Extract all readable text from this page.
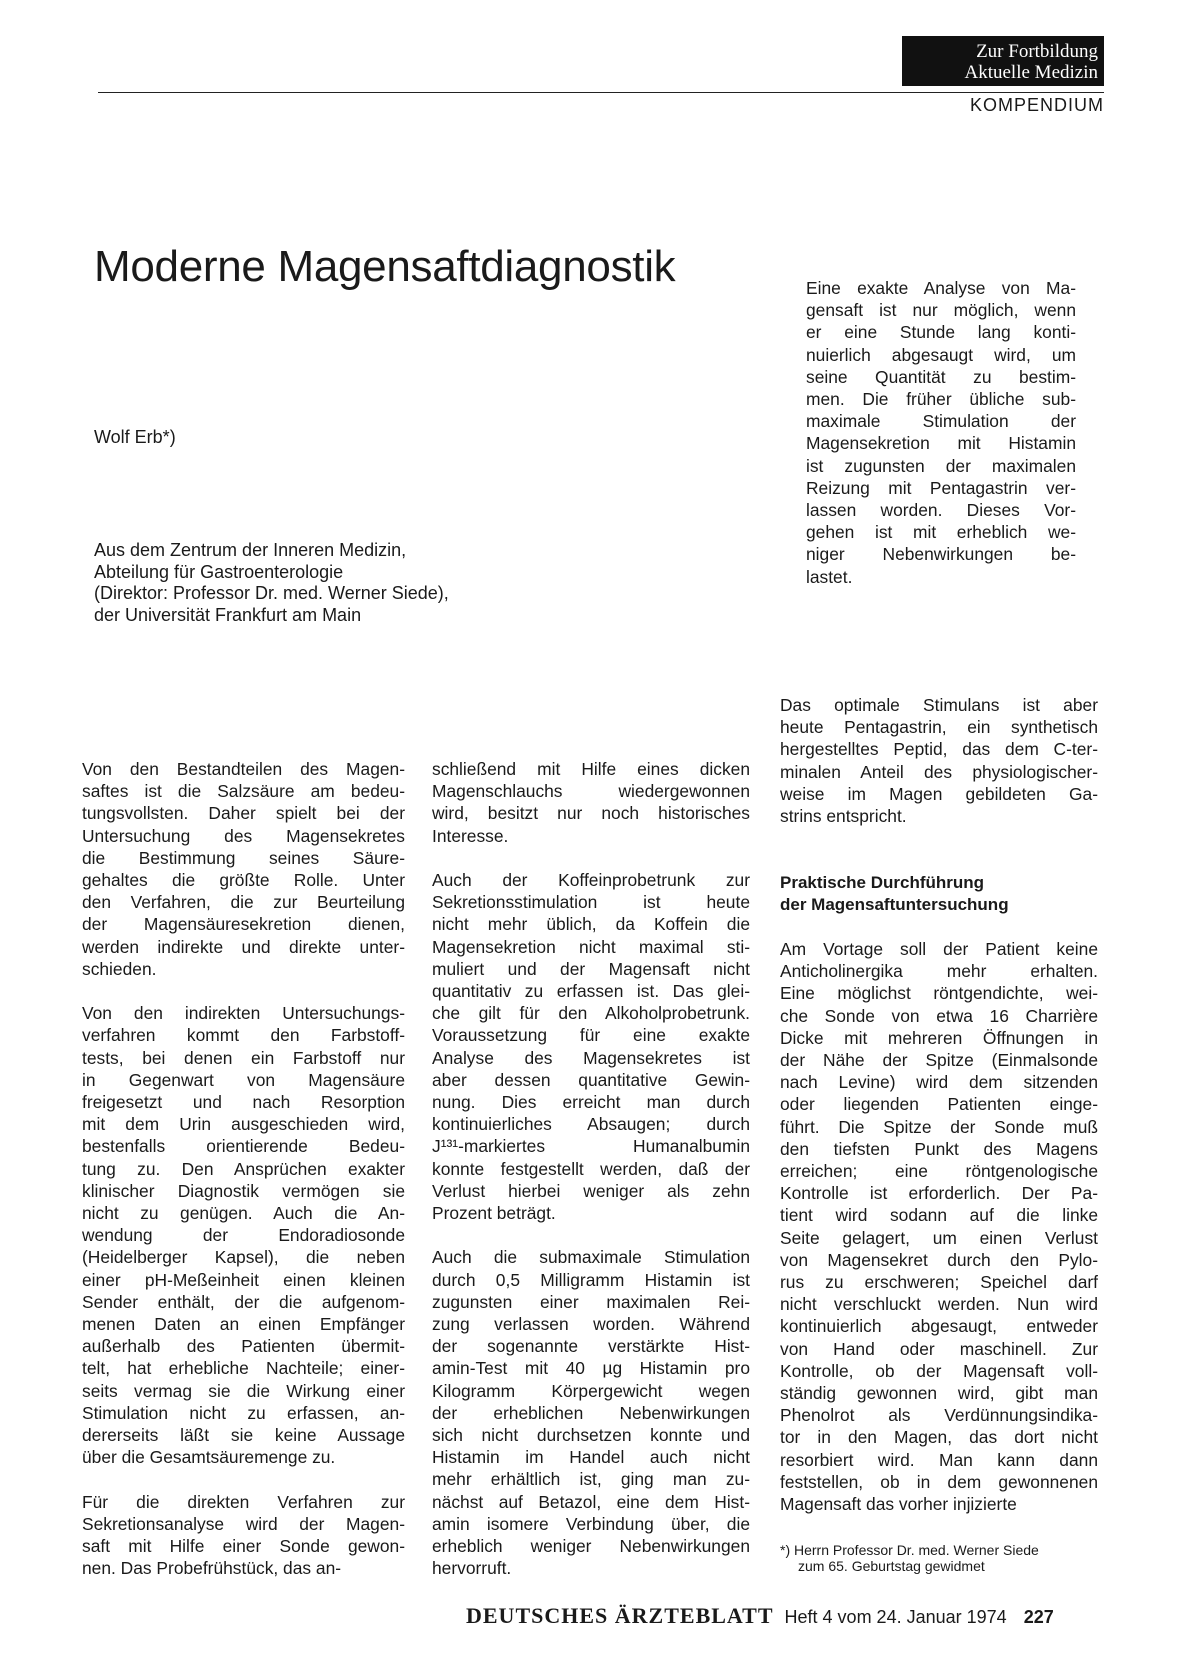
Zur Fortbildung
Aktuelle Medizin
KOMPENDIUM
Moderne Magensaftdiagnostik
Wolf Erb*)
Aus dem Zentrum der Inneren Medizin,
Abteilung für Gastroenterologie
(Direktor: Professor Dr. med. Werner Siede),
der Universität Frankfurt am Main
Eine exakte Analyse von Ma-
gensaft ist nur möglich, wenn
er eine Stunde lang konti-
nuierlich abgesaugt wird, um
seine Quantität zu bestim-
men. Die früher übliche sub-
maximale Stimulation der
Magensekretion mit Histamin
ist zugunsten der maximalen
Reizung mit Pentagastrin ver-
lassen worden. Dieses Vor-
gehen ist mit erheblich we-
niger Nebenwirkungen be-
lastet.
Von den Bestandteilen des Magen-
saftes ist die Salzsäure am bedeu-
tungsvollsten. Daher spielt bei der
Untersuchung des Magensekretes
die Bestimmung seines Säure-
gehaltes die größte Rolle. Unter
den Verfahren, die zur Beurteilung
der Magensäuresekretion dienen,
werden indirekte und direkte unter-
schieden.
Von den indirekten Untersuchungs-
verfahren kommt den Farbstoff-
tests, bei denen ein Farbstoff nur
in Gegenwart von Magensäure
freigesetzt und nach Resorption
mit dem Urin ausgeschieden wird,
bestenfalls orientierende Bedeu-
tung zu. Den Ansprüchen exakter
klinischer Diagnostik vermögen sie
nicht zu genügen. Auch die An-
wendung der Endoradiosonde
(Heidelberger Kapsel), die neben
einer pH-Meßeinheit einen kleinen
Sender enthält, der die aufgenom-
menen Daten an einen Empfänger
außerhalb des Patienten übermit-
telt, hat erhebliche Nachteile; einer-
seits vermag sie die Wirkung einer
Stimulation nicht zu erfassen, an-
dererseits läßt sie keine Aussage
über die Gesamtsäuremenge zu.
Für die direkten Verfahren zur
Sekretionsanalyse wird der Magen-
saft mit Hilfe einer Sonde gewon-
nen. Das Probefrühstück, das an-
schließend mit Hilfe eines dicken
Magenschlauchs wiedergewonnen
wird, besitzt nur noch historisches
Interesse.
Auch der Koffeinprobetrunk zur
Sekretionsstimulation ist heute
nicht mehr üblich, da Koffein die
Magensekretion nicht maximal sti-
muliert und der Magensaft nicht
quantitativ zu erfassen ist. Das glei-
che gilt für den Alkoholprobetrunk.
Voraussetzung für eine exakte
Analyse des Magensekretes ist
aber dessen quantitative Gewin-
nung. Dies erreicht man durch
kontinuierliches Absaugen; durch
J¹³¹-markiertes Humanalbumin
konnte festgestellt werden, daß der
Verlust hierbei weniger als zehn
Prozent beträgt.
Auch die submaximale Stimulation
durch 0,5 Milligramm Histamin ist
zugunsten einer maximalen Rei-
zung verlassen worden. Während
der sogenannte verstärkte Hist-
amin-Test mit 40 µg Histamin pro
Kilogramm Körpergewicht wegen
der erheblichen Nebenwirkungen
sich nicht durchsetzen konnte und
Histamin im Handel auch nicht
mehr erhältlich ist, ging man zu-
nächst auf Betazol, eine dem Hist-
amin isomere Verbindung über, die
erheblich weniger Nebenwirkungen
hervorruft.
Das optimale Stimulans ist aber
heute Pentagastrin, ein synthetisch
hergestelltes Peptid, das dem C-ter-
minalen Anteil des physiologischer-
weise im Magen gebildeten Ga-
strins entspricht.
Praktische Durchführung
der Magensaftuntersuchung
Am Vortage soll der Patient keine
Anticholinergika mehr erhalten.
Eine möglichst röntgendichte, wei-
che Sonde von etwa 16 Charrière
Dicke mit mehreren Öffnungen in
der Nähe der Spitze (Einmalsonde
nach Levine) wird dem sitzenden
oder liegenden Patienten einge-
führt. Die Spitze der Sonde muß
den tiefsten Punkt des Magens
erreichen; eine röntgenologische
Kontrolle ist erforderlich. Der Pa-
tient wird sodann auf die linke
Seite gelagert, um einen Verlust
von Magensekret durch den Pylo-
rus zu erschweren; Speichel darf
nicht verschluckt werden. Nun wird
kontinuierlich abgesaugt, entweder
von Hand oder maschinell. Zur
Kontrolle, ob der Magensaft voll-
ständig gewonnen wird, gibt man
Phenolrot als Verdünnungsindika-
tor in den Magen, das dort nicht
resorbiert wird. Man kann dann
feststellen, ob in dem gewonnenen
Magensaft das vorher injizierte
*) Herrn Professor Dr. med. Werner Siede
zum 65. Geburtstag gewidmet
DEUTSCHES ÄRZTEBLATT Heft 4 vom 24. Januar 1974 227
